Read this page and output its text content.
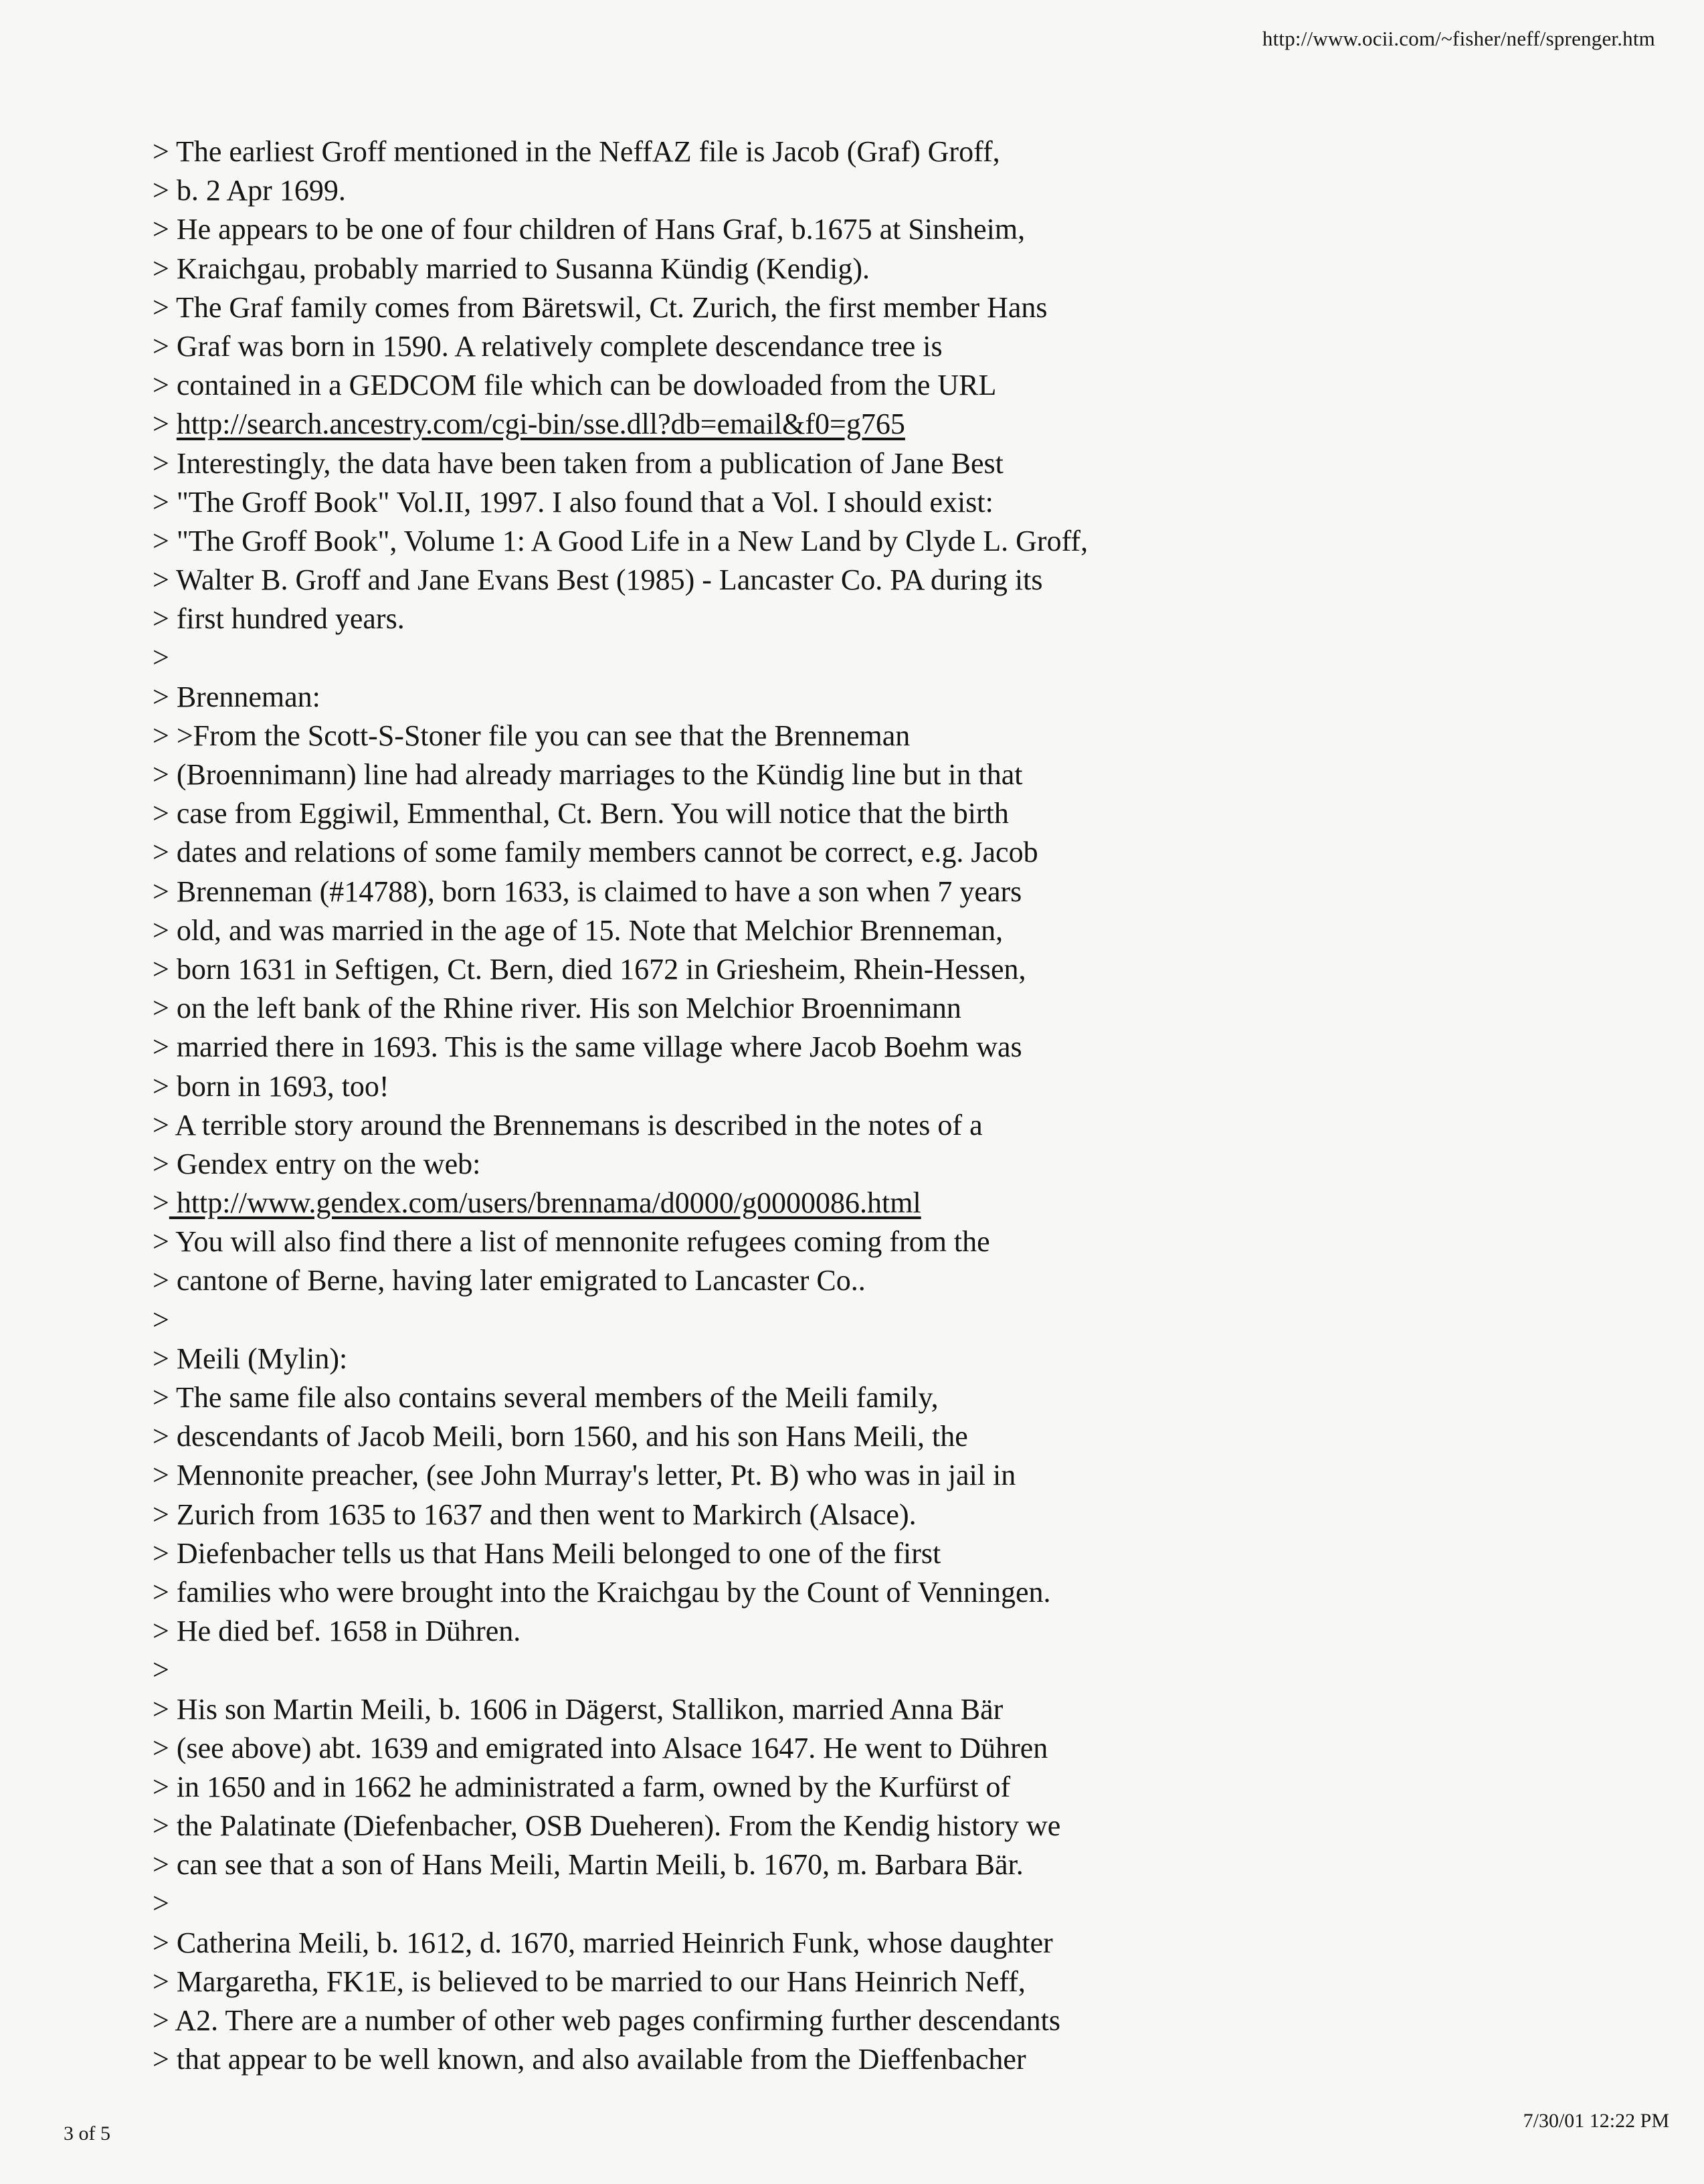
http://www.ocii.com/~fisher/neff/sprenger.htm
> The earliest Groff mentioned in the NeffAZ file is Jacob (Graf) Groff,
> b. 2 Apr 1699.
> He appears to be one of four children of Hans Graf, b.1675 at Sinsheim,
> Kraichgau, probably married to Susanna Kündig (Kendig).
> The Graf family comes from Bäretswil, Ct. Zurich, the first member Hans
> Graf was born in 1590. A relatively complete descendance tree is
> contained in a GEDCOM file which can be dowloaded from the URL
> http://search.ancestry.com/cgi-bin/sse.dll?db=email&f0=g765
> Interestingly, the data have been taken from a publication of Jane Best
> "The Groff Book" Vol.II, 1997. I also found that a Vol. I should exist:
> "The Groff Book", Volume 1: A Good Life in a New Land by Clyde L. Groff,
> Walter B. Groff and Jane Evans Best (1985) - Lancaster Co. PA during its
> first hundred years.
>
> Brenneman:
> >From the Scott-S-Stoner file you can see that the Brenneman
> (Broennimann) line had already marriages to the Kündig line but in that
> case from Eggiwil, Emmenthal, Ct. Bern. You will notice that the birth
> dates and relations of some family members cannot be correct, e.g. Jacob
> Brenneman (#14788), born 1633, is claimed to have a son when 7 years
> old, and was married in the age of 15. Note that Melchior Brenneman,
> born 1631 in Seftigen, Ct. Bern, died 1672 in Griesheim, Rhein-Hessen,
> on the left bank of the Rhine river. His son Melchior Broennimann
> married there in 1693. This is the same village where Jacob Boehm was
> born in 1693, too!
> A terrible story around the Brennemans is described in the notes of a
> Gendex entry on the web:
> http://www.gendex.com/users/brennama/d0000/g0000086.html
> You will also find there a list of mennonite refugees coming from the
> cantone of Berne, having later emigrated to Lancaster Co..
>
> Meili (Mylin):
> The same file also contains several members of the Meili family,
> descendants of Jacob Meili, born 1560, and his son Hans Meili, the
> Mennonite preacher, (see John Murray's letter, Pt. B) who was in jail in
> Zurich from 1635 to 1637 and then went to Markirch (Alsace).
> Diefenbacher tells us that Hans Meili belonged to one of the first
> families who were brought into the Kraichgau by the Count of Venningen.
> He died bef. 1658 in Dühren.
>
> His son Martin Meili, b. 1606 in Dägerst, Stallikon, married Anna Bär
> (see above) abt. 1639 and emigrated into Alsace 1647. He went to Dühren
> in 1650 and in 1662 he administrated a farm, owned by the Kurfürst of
> the Palatinate (Diefenbacher, OSB Dueheren). From the Kendig history we
> can see that a son of Hans Meili, Martin Meili, b. 1670, m. Barbara Bär.
>
> Catherina Meili, b. 1612, d. 1670, married Heinrich Funk, whose daughter
> Margaretha, FK1E, is believed to be married to our Hans Heinrich Neff,
> A2. There are a number of other web pages confirming further descendants
> that appear to be well known, and also available from the Dieffenbacher
3 of 5
7/30/01 12:22 PM
